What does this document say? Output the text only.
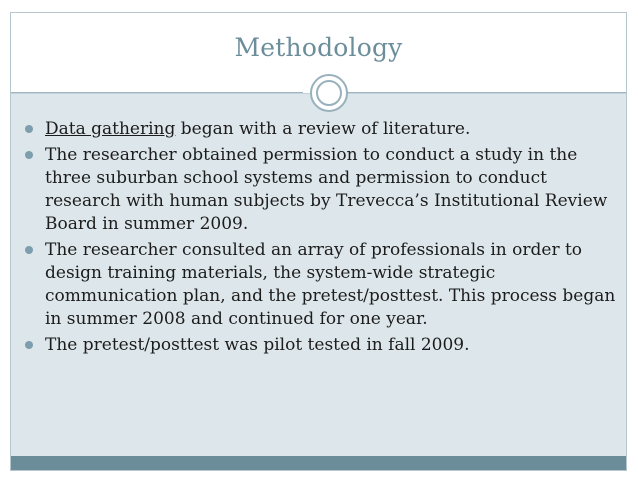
Methodology
Data gathering began with a review of literature.
The researcher obtained permission to conduct a study in the three suburban school systems and permission to conduct research with human subjects by Trevecca’s Institutional Review Board in summer 2009.
The researcher consulted an array of professionals in order to design training materials, the system-wide strategic communication plan, and the pretest/posttest. This process began in summer 2008 and continued for one year.
The pretest/posttest was pilot tested in fall 2009.
